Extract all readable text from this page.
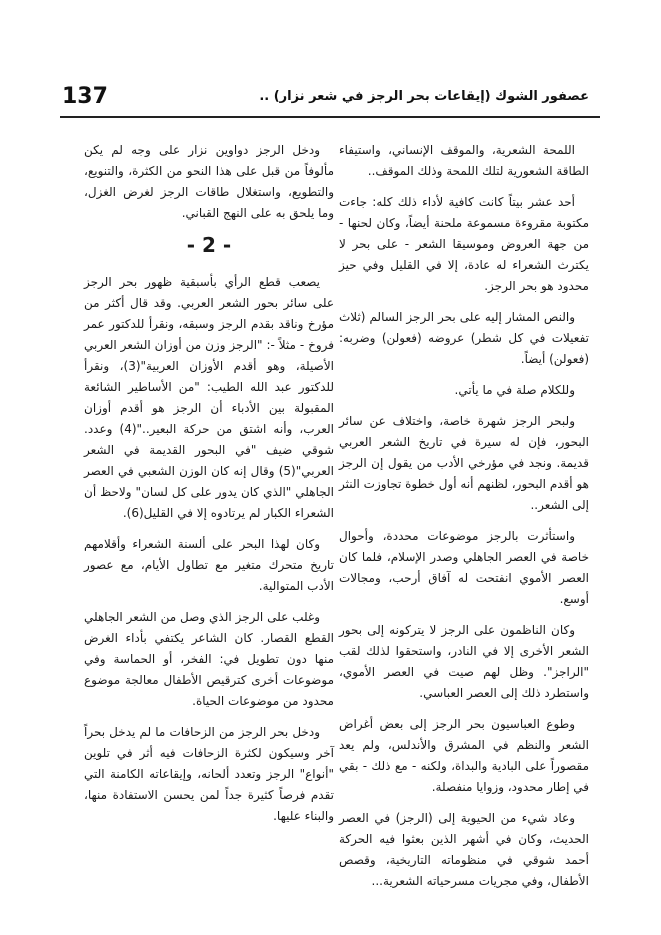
137	عصفور الشوك (إيقاعات بحر الرجز في شعر نزار) ..

اللمحة الشعرية، والموقف الإنساني، واستيفاء الطاقة الشعورية لتلك اللمحة وذلك الموقف..

أحد عشر بيتاً كانت كافية لأداء ذلك كله: جاءت مكتوبة مقروءة مسموعة ملحنة أيضاً، وكان لحنها - من جهة العروض وموسيقا الشعر - على بحر لا يكترث الشعراء له عادة، إلا في القليل وفي حيز محدود هو بحر الرجز.

والنص المشار إليه على بحر الرجز السالم (ثلاث تفعيلات في كل شطر) عروضه (فعولن) وضربه: (فعولن) أيضاً.

وللكلام صلة في ما يأتي.

ولبحر الرجز شهرة خاصة، واختلاف عن سائر البحور، فإن له سيرة في تاريخ الشعر العربي قديمة. ونجد في مؤرخي الأدب من يقول إن الرجز هو أقدم البحور، لظنهم أنه أول خطوة تجاوزت النثر إلى الشعر..

واستأثرت بالرجز موضوعات محددة، وأحوال خاصة في العصر الجاهلي وصدر الإسلام، فلما كان العصر الأموي انفتحت له آفاق أرحب، ومجالات أوسع.

وكان الناظمون على الرجز لا يتركونه إلى بحور الشعر الأخرى إلا في النادر، واستحقوا لذلك لقب "الراجز". وظل لهم صيت في العصر الأموي، واستطرد ذلك إلى العصر العباسي.

وطوع العباسيون بحر الرجز إلى بعض أغراض الشعر والنظم في المشرق والأندلس، ولم يعد مقصوراً على البادية والبداة، ولكنه - مع ذلك - بقي في إطار محدود، وزوايا منفصلة.

وعاد شيء من الحيوية إلى (الرجز) في العصر الحديث، وكان في أشهر الذين بعثوا فيه الحركة أحمد شوقي في منظوماته التاريخية، وقصص الأطفال، وفي مجريات مسرحياته الشعرية...

ودخل الرجز دواوين نزار على وجه لم يكن مألوفاً من قبل على هذا النحو من الكثرة، والتنويع، والتطويع، واستغلال طاقات الرجز لغرض الغزل، وما يلحق به على النهج القباني.

- 2 -

يصعب قطع الرأي بأسبقية ظهور بحر الرجز على سائر بحور الشعر العربي. وقد قال أكثر من مؤرخ وناقد بقدم الرجز وسبقه، ونقرأ للدكتور عمر فروخ - مثلاً -: "الرجز وزن من أوزان الشعر العربي الأصيلة، وهو أقدم الأوزان العربية"(3)، ونقرأ للدكتور عبد الله الطيب: "من الأساطير الشائعة المقبولة بين الأدباء أن الرجز هو أقدم أوزان العرب، وأنه اشتق من حركة البعير.."(4) وعدد. شوقي ضيف "في البحور القديمة في الشعر العربي"(5) وقال إنه كان الوزن الشعبي في العصر الجاهلي "الذي كان يدور على كل لسان" ولاحظ أن الشعراء الكبار لم يرتادوه إلا في القليل(6).

وكان لهذا البحر على ألسنة الشعراء وأقلامهم تاريخ متحرك متغير مع تطاول الأيام، مع عصور الأدب المتوالية.

وغلب على الرجز الذي وصل من الشعر الجاهلي القطع القصار. كان الشاعر يكتفي بأداء الغرض منها دون تطويل في: الفخر، أو الحماسة وفي موضوعات أخرى كترقيص الأطفال معالجة موضوع محدود من موضوعات الحياة.

ودخل بحر الرجز من الزحافات ما لم يدخل بحراً آخر وسيكون لكثرة الزحافات فيه أثر في تلوين "أنواع" الرجز وتعدد ألحانه، وإيقاعاته الكامنة التي تقدم فرصاً كثيرة جداً لمن يحسن الاستفادة منها، والبناء عليها.
